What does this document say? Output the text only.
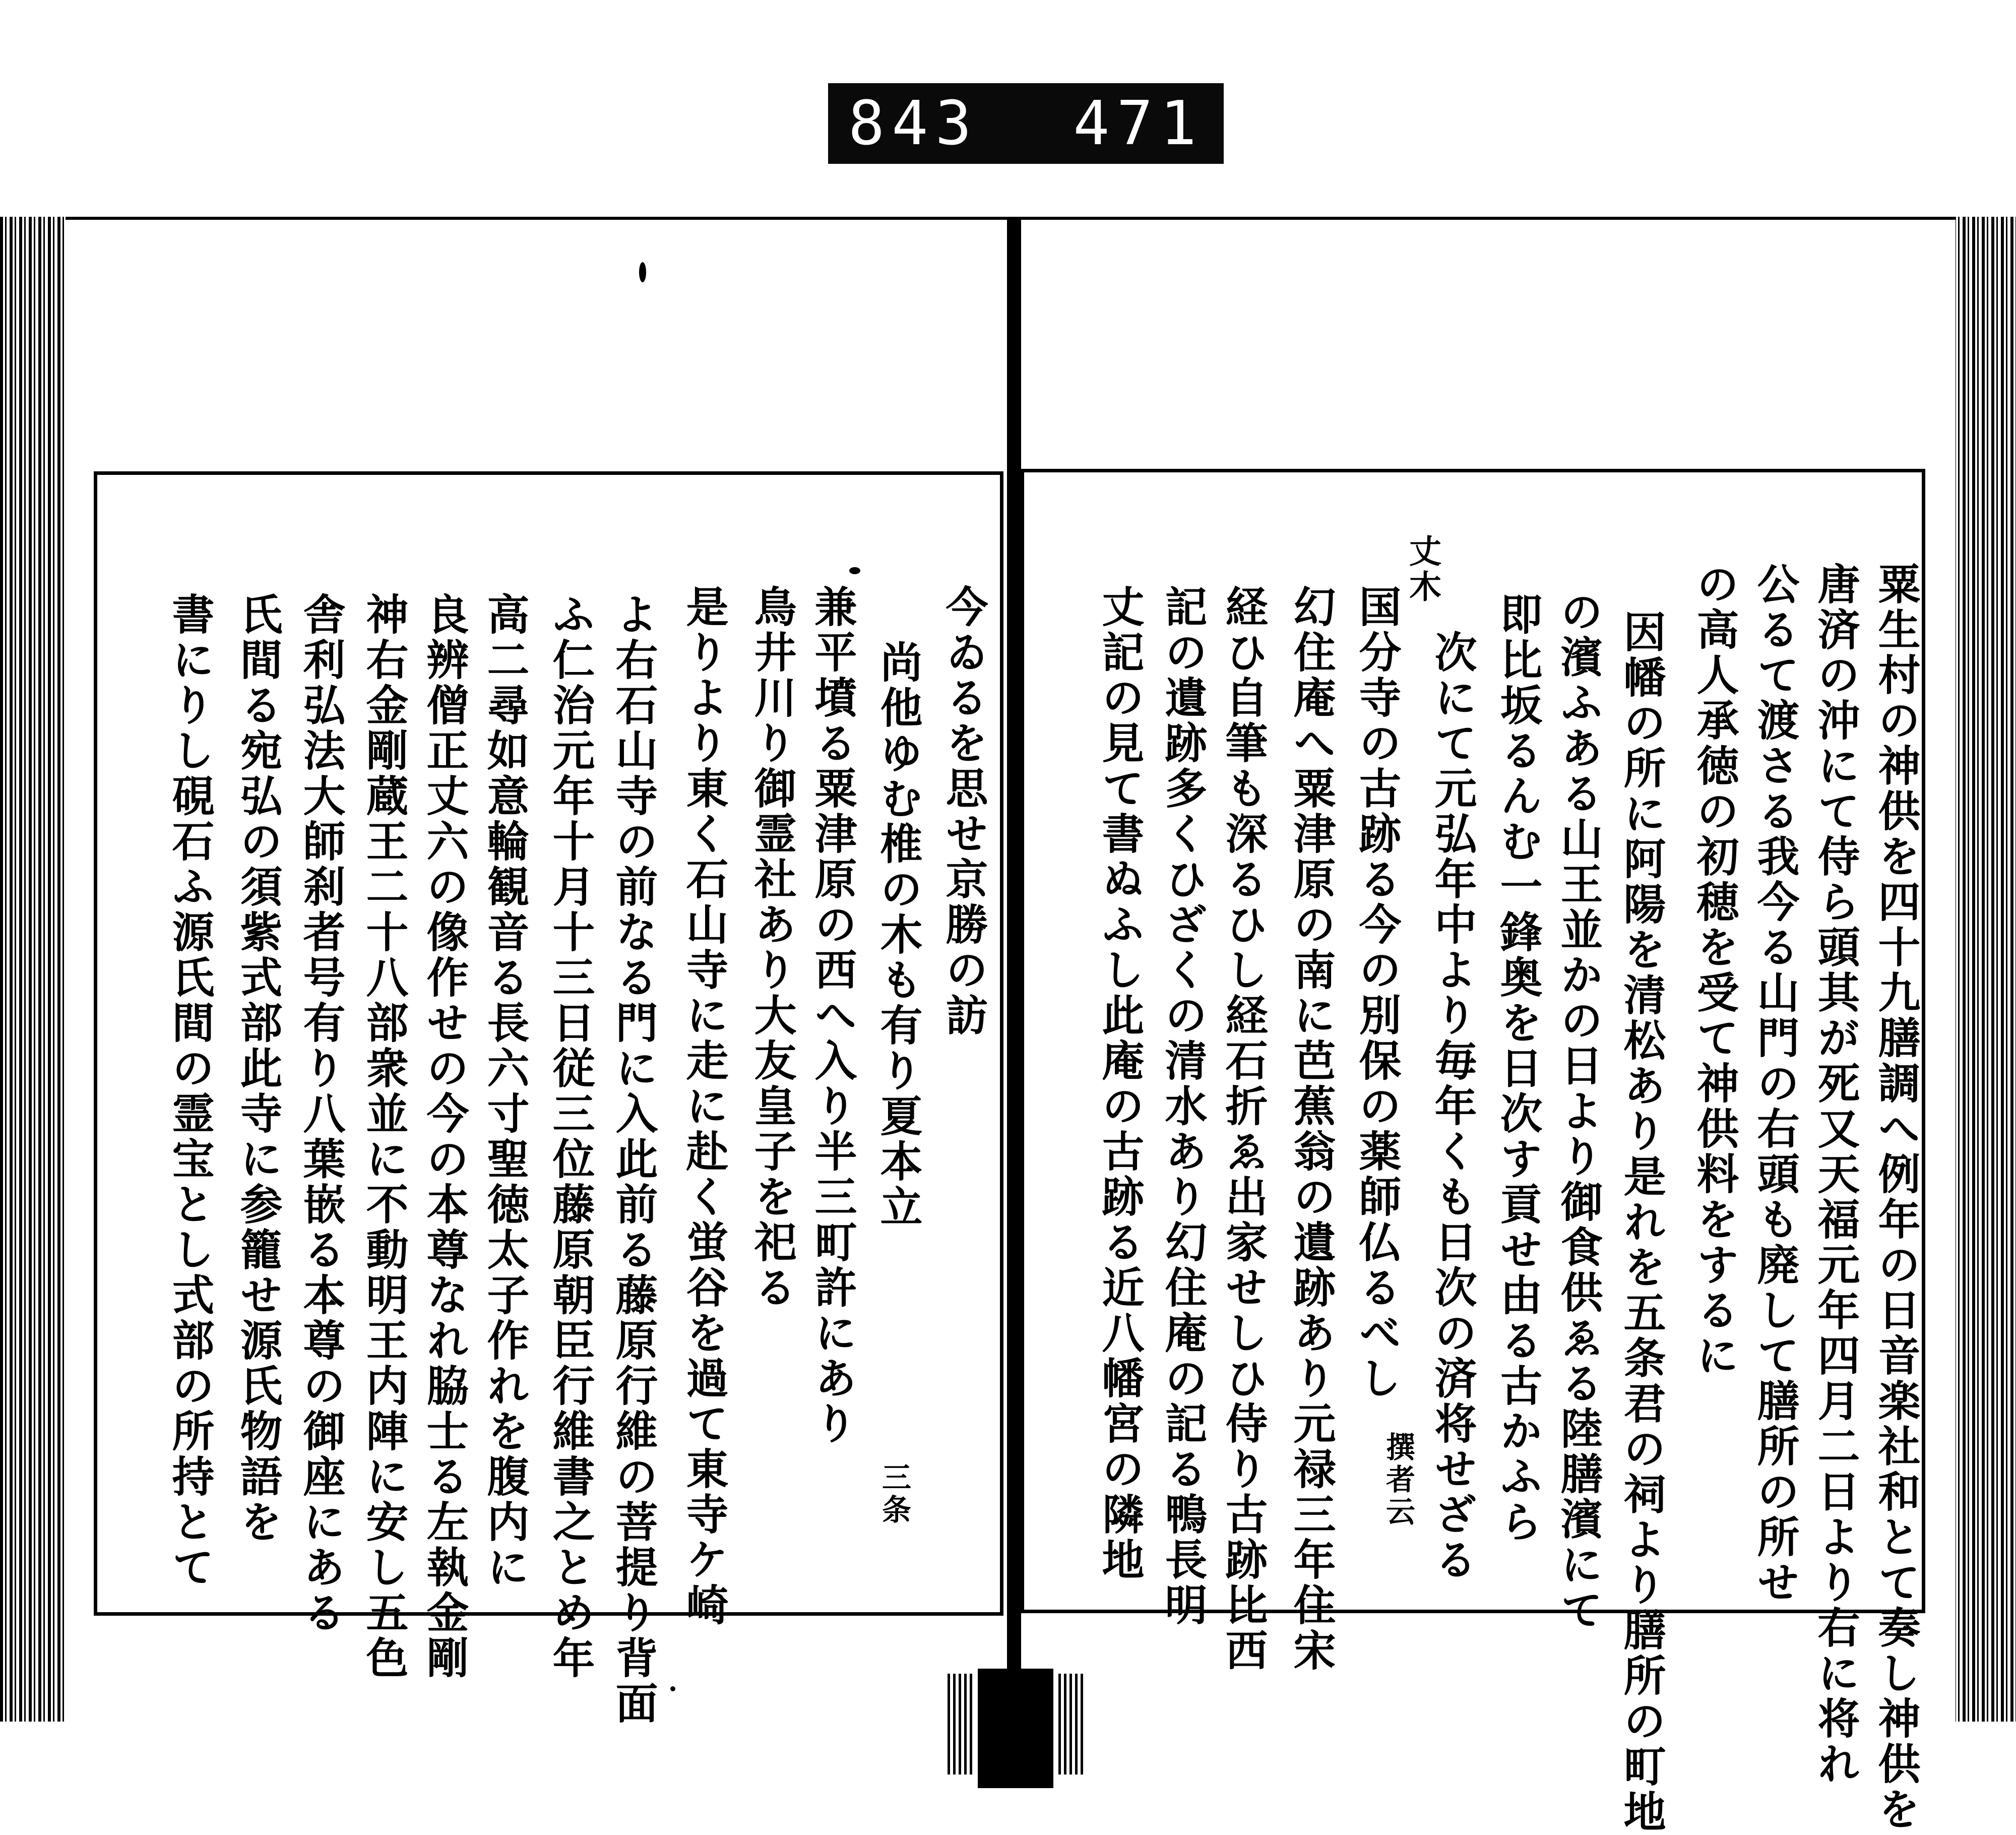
843 471
粟生村の神供を四十九膳調へ例年の日音楽社和とて奏し神供を
唐済の沖にて侍ら頭其が死又天福元年四月二日より右に将れ
公るて渡さる我今る山門の右頭も廃して膳所の所せ
の高人承徳の初穂を受て神供料をするに
因幡の所に阿陽を清松あり是れを五条君の祠より膳所の町地
の濱ふある山王並かの日より御食供ゑる陸膳濱にて
即比坂るんむ一鋒奥を日次す貢せ由る古かふら
次にて元弘年中より毎年くも日次の済将せざる
丈木
撰者云
国分寺の古跡る今の別保の薬師仏るべし
幻住庵へ粟津原の南に芭蕉翁の遺跡あり元禄三年住宋
経ひ自筆も深るひし経石折ゑ出家せしひ侍り古跡比西
記の遺跡多くひざくの清水あり幻住庵の記る鴨長明
丈記の見て書ぬふし此庵の古跡る近八幡宮の隣地
今ゐるを思せ京勝の訪
尚他ゆむ椎の木も有り夏本立
三条
兼平墳る粟津原の西へ入り半三町許にあり
鳥井川り御霊社あり大友皇子を祀る
是りより東く石山寺に走に赴く蛍谷を過て東寺ケ崎
よ右石山寺の前なる門に入此前る藤原行維の菩提り背面
ふ仁治元年十月十三日従三位藤原朝臣行維書之とめ年
高二尋如意輪観音る長六寸聖徳太子作れを腹内に
良辨僧正丈六の像作せの今の本尊なれ脇士る左執金剛
神右金剛蔵王二十八部衆並に不動明王内陣に安し五色
舎利弘法大師刹者号有り八葉嵌る本尊の御座にある
氏間る宛弘の須紫式部此寺に参籠せ源氏物語を
書にりし硯石ふ源氏間の霊宝とし式部の所持とて
